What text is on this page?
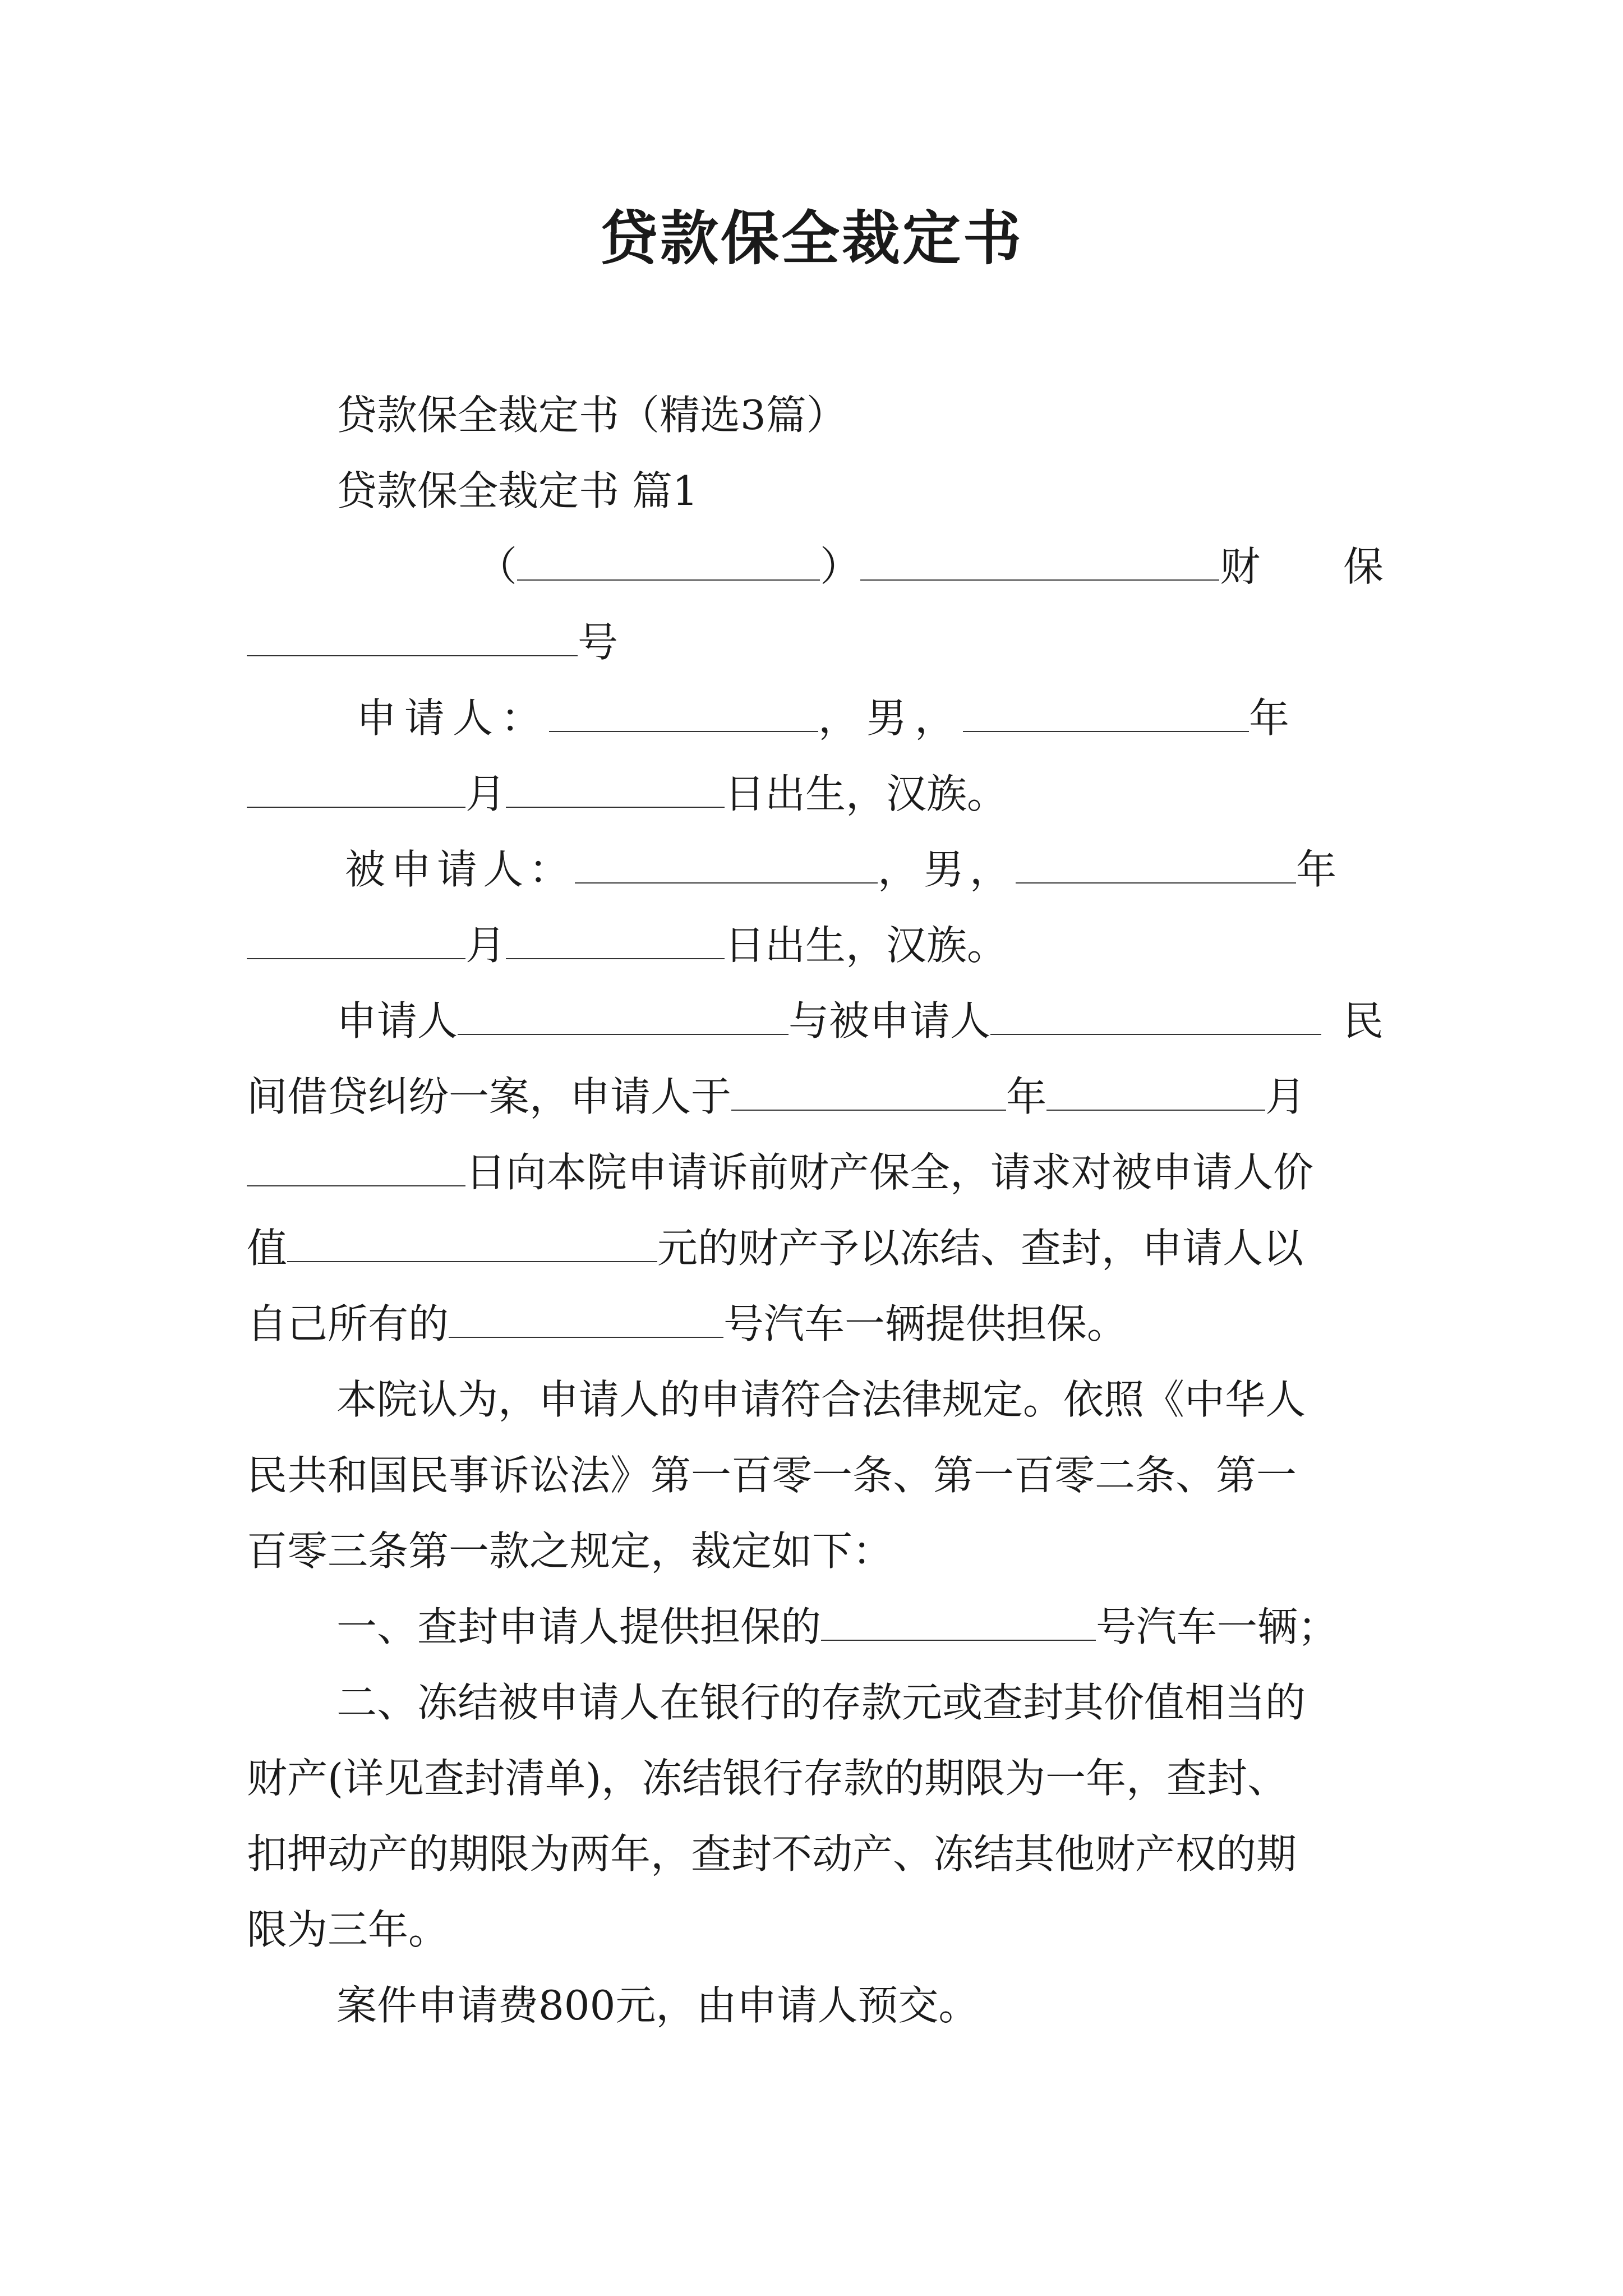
贷款保全裁定书
贷款保全裁定书（精选3篇）
贷款保全裁定书 篇1
（	）	财 保
号
申请人：	，男，	年
月	日出生，汉族。
被申请人：	，男，	年
月	日出生，汉族。
申请人	与被申请人	民
间借贷纠纷一案，申请人于	年	月
日向本院申请诉前财产保全，请求对被申请人价
值	元的财产予以冻结、查封，申请人以
自己所有的	号汽车一辆提供担保。
本院认为，申请人的申请符合法律规定。依照《中华人
民共和国民事诉讼法》第一百零一条、第一百零二条、第一
百零三条第一款之规定，裁定如下：
一、查封申请人提供担保的	号汽车一辆；
二、冻结被申请人在银行的存款元或查封其价值相当的
财产(详见查封清单)，冻结银行存款的期限为一年，查封、
扣押动产的期限为两年，查封不动产、冻结其他财产权的期
限为三年。
案件申请费800元，由申请人预交。
